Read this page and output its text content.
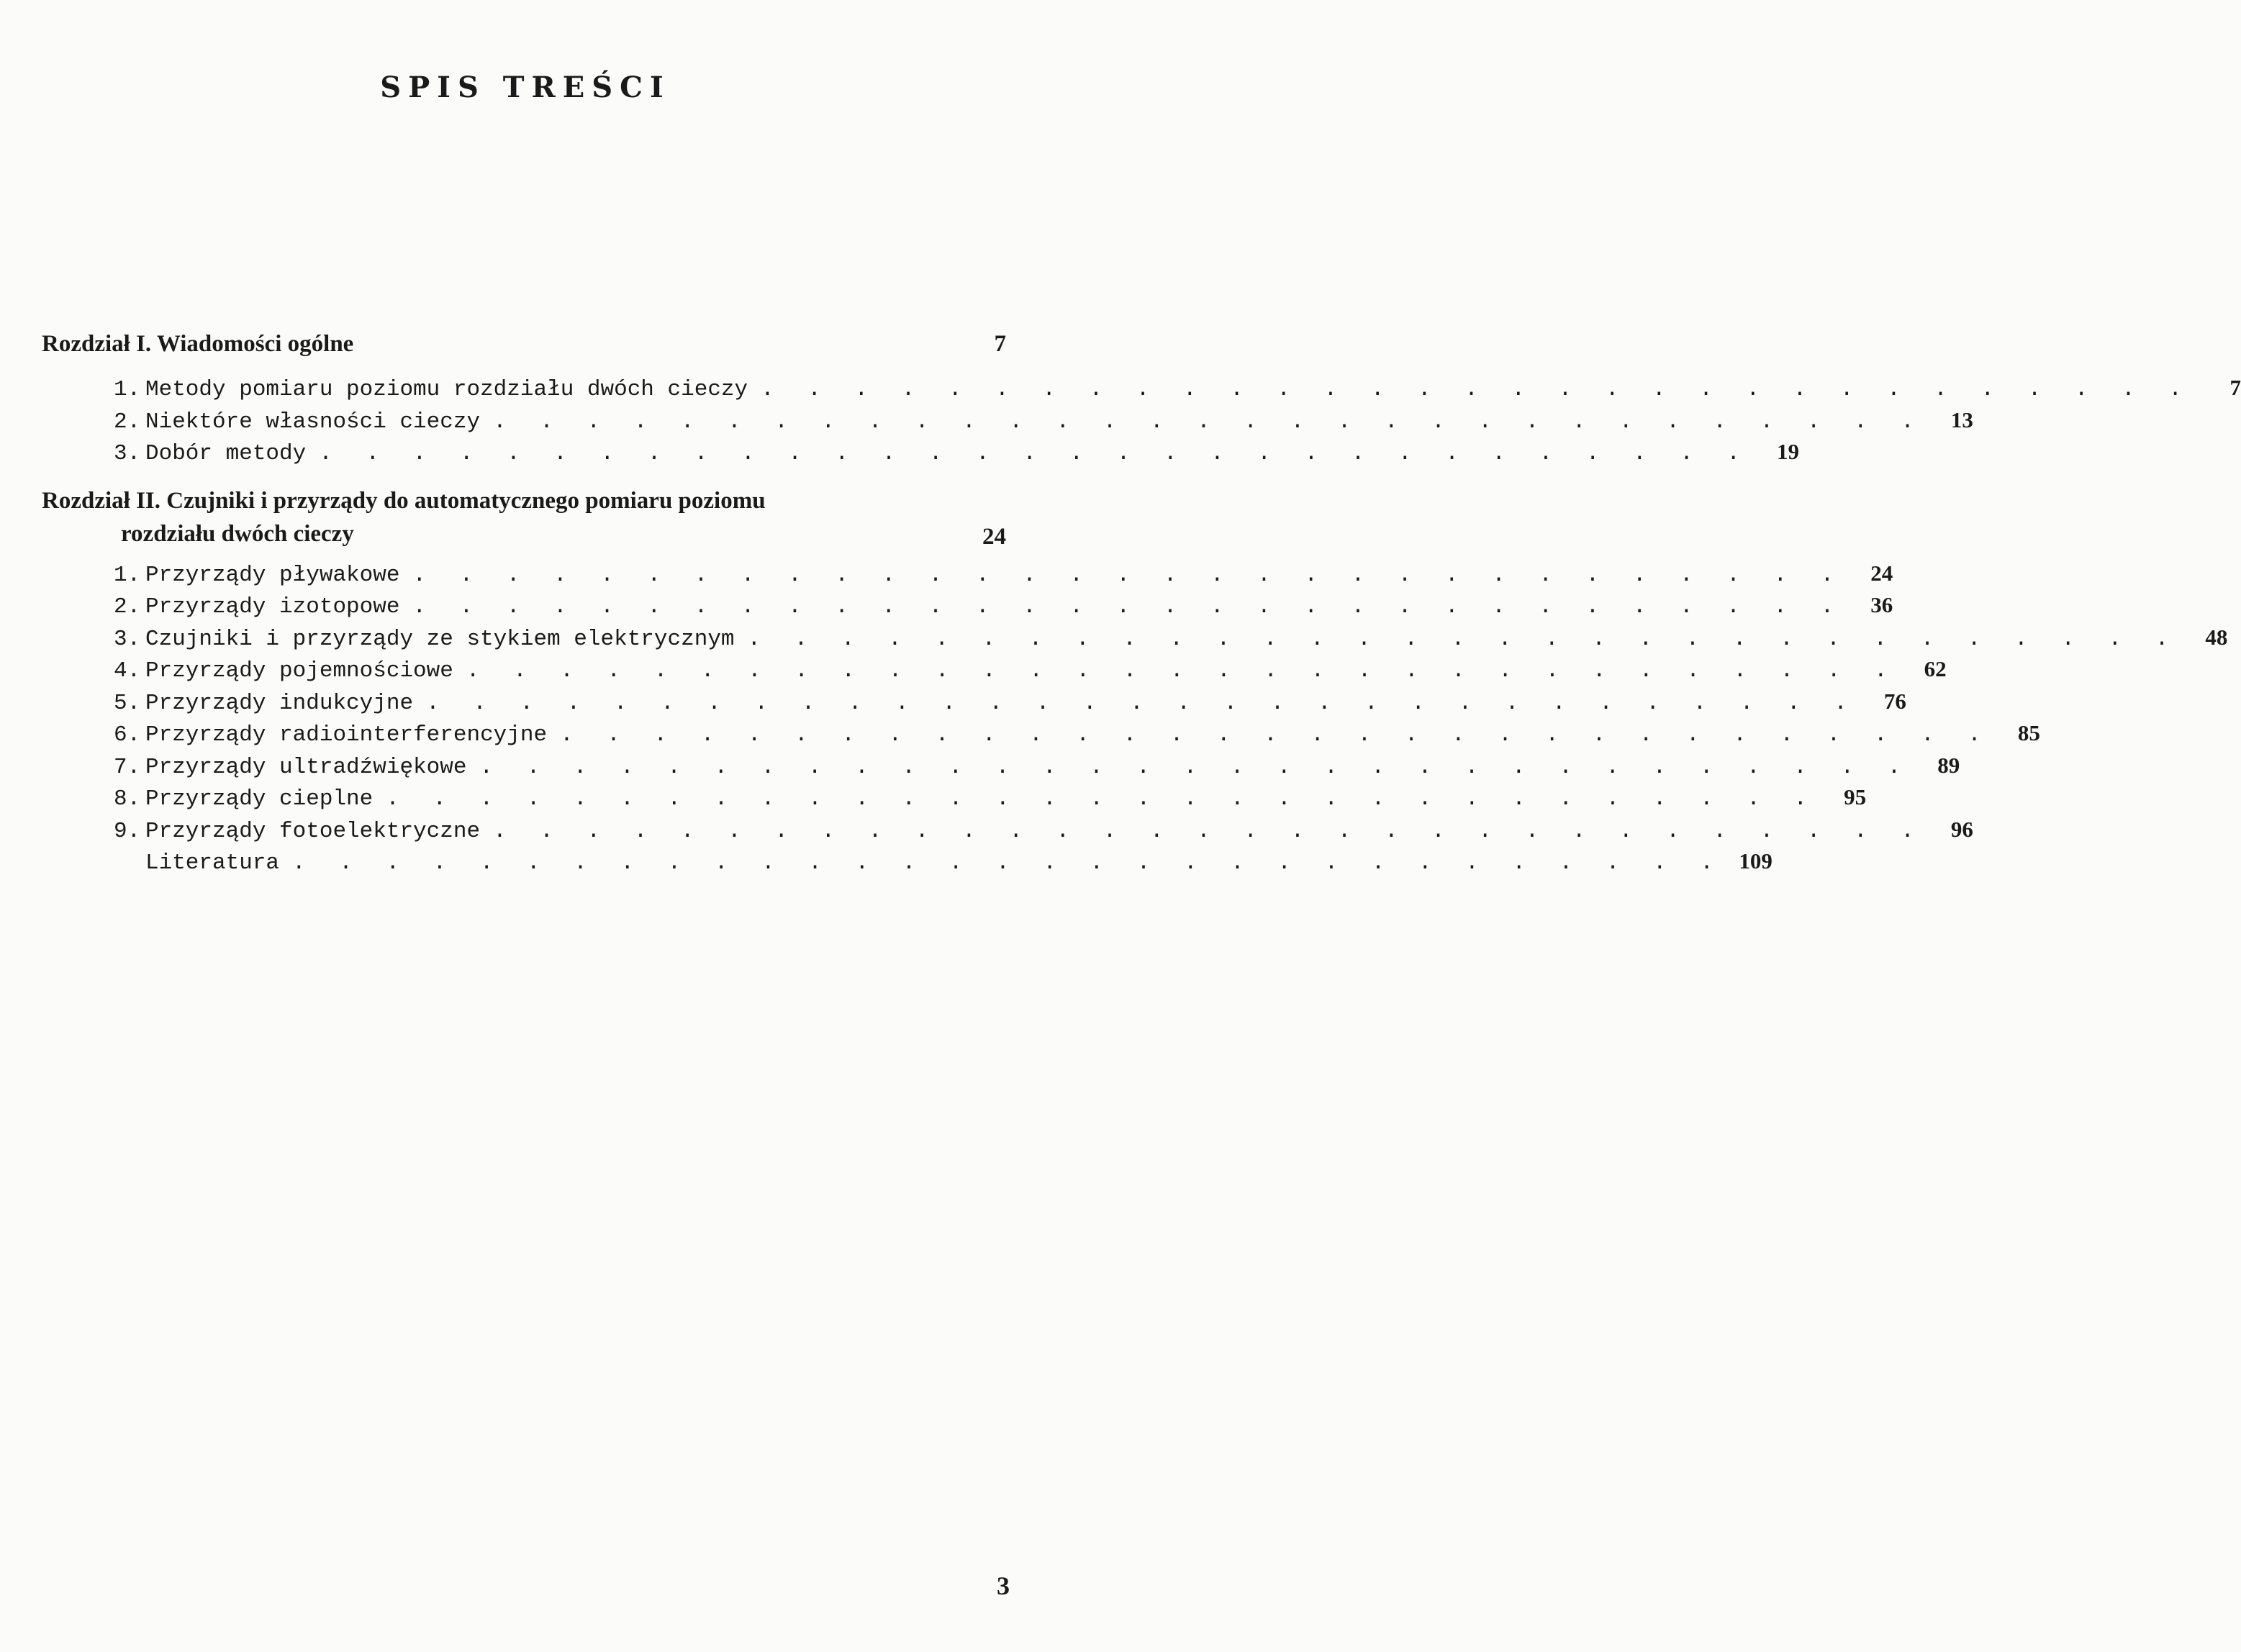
SPIS TREŚCI
Rozdział I. Wiadomości ogólne	7
1. Metody pomiaru poziomu rozdziału dwóch cieczy . . . . . . . . . . . . . . . . . . . . . . . . . . . . . . .	7
2. Niektóre własności cieczy . . . . . . . . . . . . . . . . . . . . . . . . . . . . . . .	13
3. Dobór metody . . . . . . . . . . . . . . . . . . . . . . . . . . . . . . .	19
Rozdział II. Czujniki i przyrządy do automatycznego pomiaru poziomu
rozdziału dwóch cieczy	24
1. Przyrządy pływakowe . . . . . . . . . . . . . . . . . . . . . . . . . . . . . . .	24
2. Przyrządy izotopowe . . . . . . . . . . . . . . . . . . . . . . . . . . . . . . .	36
3. Czujniki i przyrządy ze stykiem elektrycznym . . . . . . . . . . . . . . . . . . . . . . . . . . . . . . .	48
4. Przyrządy pojemnościowe . . . . . . . . . . . . . . . . . . . . . . . . . . . . . . .	62
5. Przyrządy indukcyjne . . . . . . . . . . . . . . . . . . . . . . . . . . . . . . .	76
6. Przyrządy radiointerferencyjne . . . . . . . . . . . . . . . . . . . . . . . . . . . . . . .	85
7. Przyrządy ultradźwiękowe . . . . . . . . . . . . . . . . . . . . . . . . . . . . . . .	89
8. Przyrządy cieplne . . . . . . . . . . . . . . . . . . . . . . . . . . . . . . .	95
9. Przyrządy fotoelektryczne . . . . . . . . . . . . . . . . . . . . . . . . . . . . . . .	96
Literatura . . . . . . . . . . . . . . . . . . . . . . . . . . . . . . . 109
3
